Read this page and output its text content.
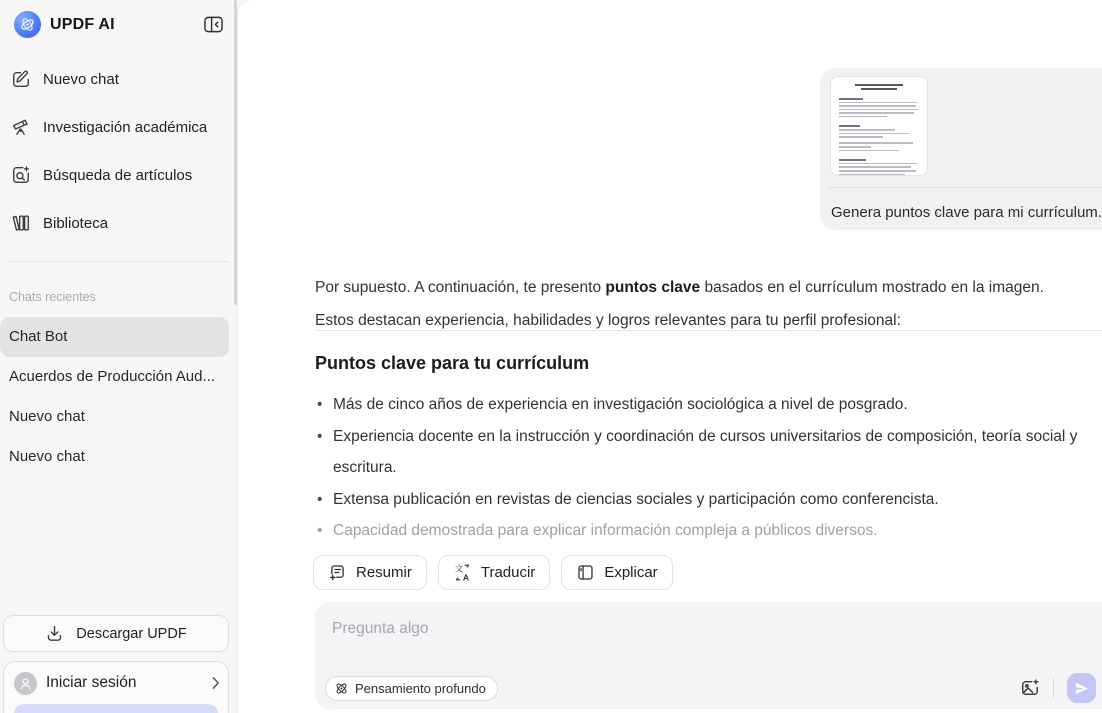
UPDF AI
Nuevo chat
Investigación académica
Búsqueda de artículos
Biblioteca
Chats recientes
Chat Bot
Acuerdos de Producción Aud...
Nuevo chat
Nuevo chat
Descargar UPDF
Iniciar sesión
Genera puntos clave para mi currículum.

Por supuesto. A continuación, te presento puntos clave basados en el currículum mostrado en la imagen. Estos destacan experiencia, habilidades y logros relevantes para tu perfil profesional:

Puntos clave para tu currículum
• Más de cinco años de experiencia en investigación sociológica a nivel de posgrado.
• Experiencia docente en la instrucción y coordinación de cursos universitarios de composición, teoría social y escritura.
• Extensa publicación en revistas de ciencias sociales y participación como conferencista.
• Capacidad demostrada para explicar información compleja a públicos diversos.
Resumir	文
A Traducir	Explicar
Pregunta algo
Pensamiento profundo
